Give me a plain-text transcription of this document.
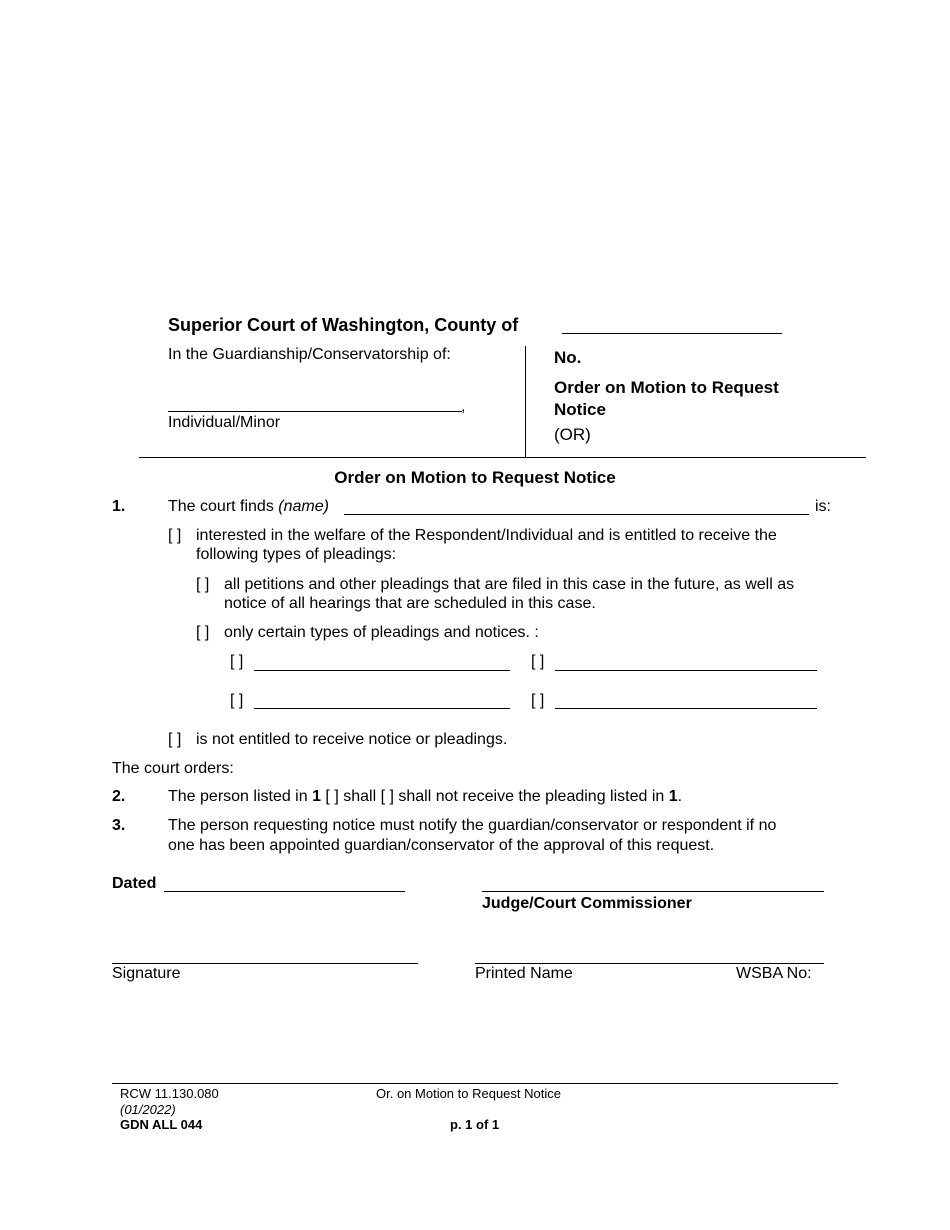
Superior Court of Washington, County of
In the Guardianship/Conservatorship of:
,
Individual/Minor
No.
Order on Motion to Request Notice
(OR)
Order on Motion to Request Notice
1.	The court finds (name)	is:
[ ] interested in the welfare of the Respondent/Individual and is entitled to receive the
following types of pleadings:
[ ] all petitions and other pleadings that are filed in this case in the future, as well as
notice of all hearings that are scheduled in this case.
[ ] only certain types of pleadings and notices. :
[ ]	[ ]
[ ]	[ ]
[ ] is not entitled to receive notice or pleadings.
The court orders:
2.	The person listed in 1 [ ] shall [ ] shall not receive the pleading listed in 1.
3.	The person requesting notice must notify the guardian/conservator or respondent if no
one has been appointed guardian/conservator of the approval of this request.
Dated
Judge/Court Commissioner
Signature	Printed Name	WSBA No:
RCW 11.130.080
(01/2022)
GDN ALL 044
Or. on Motion to Request Notice
p. 1 of 1
